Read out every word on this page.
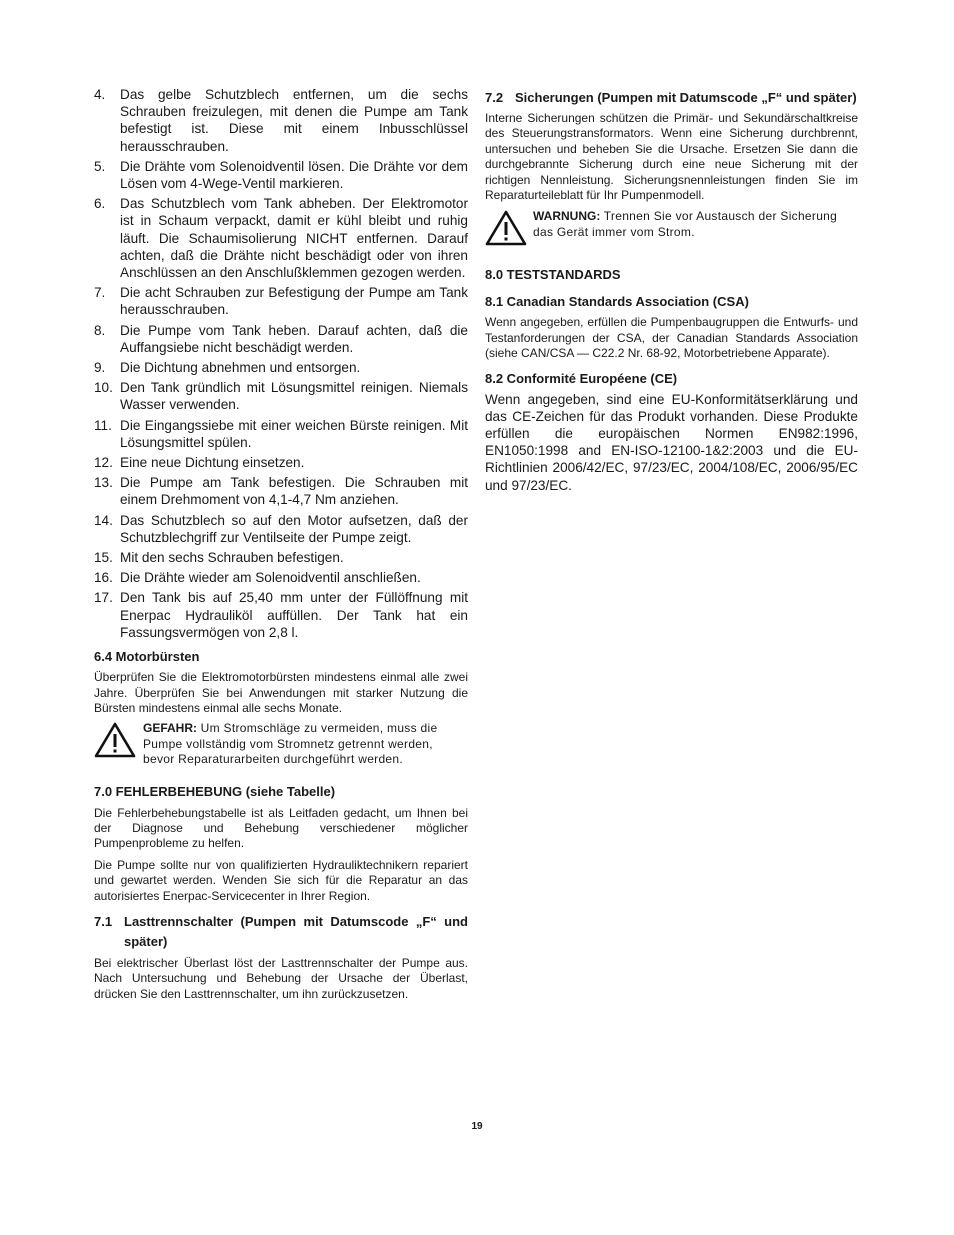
4.	Das gelbe Schutzblech entfernen, um die sechs Schrauben freizulegen, mit denen die Pumpe am Tank befestigt ist. Diese mit einem Inbusschlüssel herausschrauben.
5.	Die Drähte vom Solenoidventil lösen. Die Drähte vor dem Lösen vom 4-Wege-Ventil markieren.
6.	Das Schutzblech vom Tank abheben. Der Elektromotor ist in Schaum verpackt, damit er kühl bleibt und ruhig läuft. Die Schaumisolierung NICHT entfernen. Darauf achten, daß die Drähte nicht beschädigt oder von ihren Anschlüssen an den Anschlußklemmen gezogen werden.
7.	Die acht Schrauben zur Befestigung der Pumpe am Tank herausschrauben.
8.	Die Pumpe vom Tank heben. Darauf achten, daß die Auffangsiebe nicht beschädigt werden.
9.	Die Dichtung abnehmen und entsorgen.
10. Den Tank gründlich mit Lösungsmittel reinigen. Niemals Wasser verwenden.
11. Die Eingangssiebe mit einer weichen Bürste reinigen. Mit Lösungsmittel spülen.
12. Eine neue Dichtung einsetzen.
13. Die Pumpe am Tank befestigen. Die Schrauben mit einem Drehmoment von 4,1-4,7 Nm anziehen.
14. Das Schutzblech so auf den Motor aufsetzen, daß der Schutzblechgriff zur Ventilseite der Pumpe zeigt.
15. Mit den sechs Schrauben befestigen.
16. Die Drähte wieder am Solenoidventil anschließen.
17. Den Tank bis auf 25,40 mm unter der Füllöffnung mit Enerpac Hydrauliköl auffüllen. Der Tank hat ein Fassungsvermögen von 2,8 l.
6.4 Motorbürsten

Überprüfen Sie die Elektromotorbürsten mindestens einmal alle zwei Jahre. Überprüfen Sie bei Anwendungen mit starker Nutzung die Bürsten mindestens einmal alle sechs Monate.

GEFAHR: Um Stromschläge zu vermeiden, muss die Pumpe vollständig vom Stromnetz getrennt werden, bevor Reparaturarbeiten durchgeführt werden.
7.0 FEHLERBEHEBUNG (siehe Tabelle)

Die Fehlerbehebungstabelle ist als Leitfaden gedacht, um Ihnen bei der Diagnose und Behebung verschiedener möglicher Pumpenprobleme zu helfen.

Die Pumpe sollte nur von qualifizierten Hydrauliktechnikern repariert und gewartet werden. Wenden Sie sich für die Reparatur an das autorisiertes Enerpac-Servicecenter in Ihrer Region.

7.1 Lasttrennschalter (Pumpen mit Datumscode „F“ und später)

Bei elektrischer Überlast löst der Lasttrennschalter der Pumpe aus. Nach Untersuchung und Behebung der Ursache der Überlast, drücken Sie den Lasttrennschalter, um ihn zurückzusetzen.

7.2 Sicherungen (Pumpen mit Datumscode „F“ und später)

Interne Sicherungen schützen die Primär- und Sekundärschaltkreise des Steuerungstransformators. Wenn eine Sicherung durchbrennt, untersuchen und beheben Sie die Ursache. Ersetzen Sie dann die durchgebrannte Sicherung durch eine neue Sicherung mit der richtigen Nennleistung. Sicherungsnennleistungen finden Sie im Reparaturteileblatt für Ihr Pumpenmodell.

WARNUNG: Trennen Sie vor Austausch der Sicherung das Gerät immer vom Strom.
8.0 TESTSTANDARDS
8.1 Canadian Standards Association (CSA)

Wenn angegeben, erfüllen die Pumpenbaugruppen die Entwurfs- und Testanforderungen der CSA, der Canadian Standards Association (siehe CAN/CSA — C22.2 Nr. 68-92, Motorbetriebene Apparate).

8.2 Conformité Européene (CE)

Wenn angegeben, sind eine EU-Konformitätserklärung und das CE-Zeichen für das Produkt vorhanden. Diese Produkte erfüllen die europäischen Normen EN982:1996, EN1050:1998 and EN-ISO-12100-1&2:2003 und die EU-Richtlinien 2006/42/EC, 97/23/EC, 2004/108/EC, 2006/95/EC und 97/23/EC.

19
